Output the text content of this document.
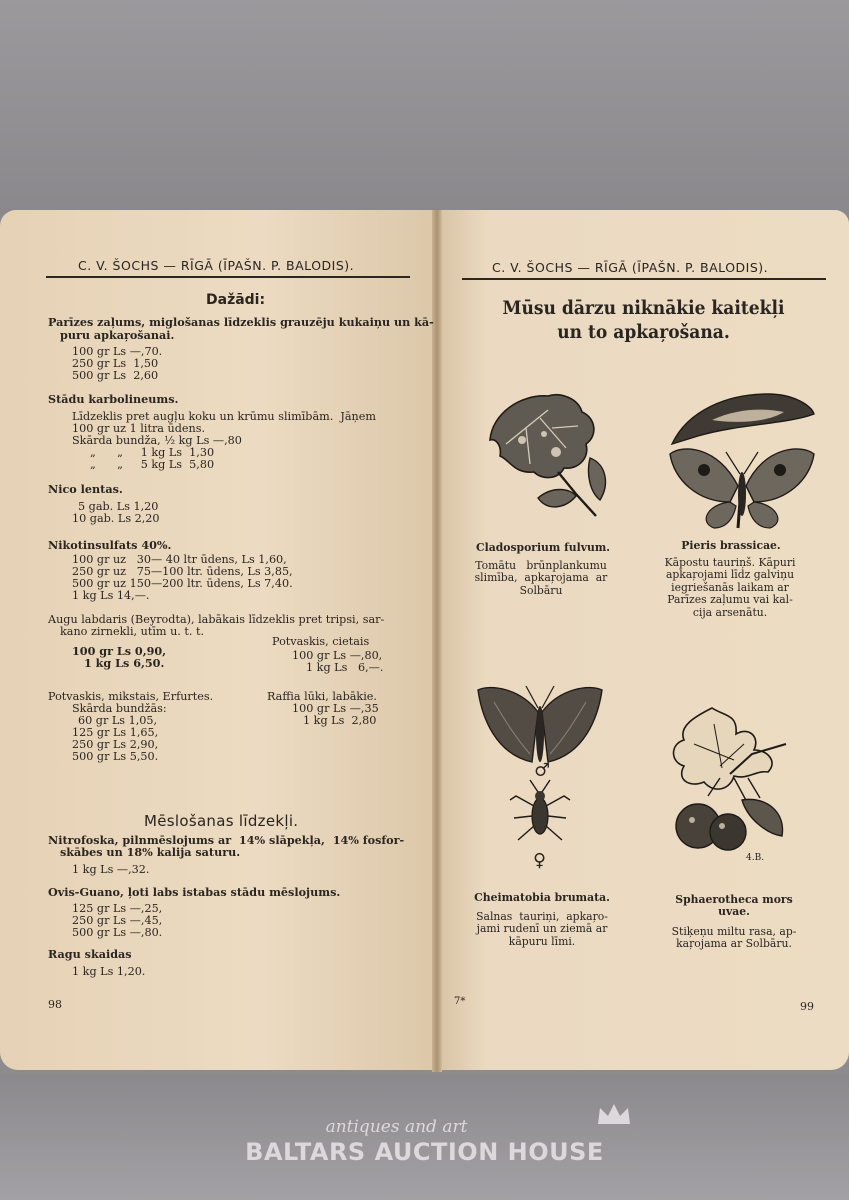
C. V. ŠOCHS — RĪGĀ (ĪPAŠN. P. BALODIS).
Dažādi:
Parīzes zaļums, miglošanas līdzeklis grauzēju kukaiņu un kā-
puru apkaŗošanai.
100 gr Ls —,70.
250 gr Ls  1,50
500 gr Ls  2,60
Stādu karbolineums.
Līdzeklis pret augļu koku un krūmu slimībām.  Jāņem
100 gr uz 1 litra ūdens.
Skārda bundža, ½ kg Ls —,80
„      „     1 kg Ls  1,30
„      „     5 kg Ls  5,80
Nico lentas.
5 gab. Ls 1,20
10 gab. Ls 2,20
Nikotinsulfats 40%.
100 gr uz   30— 40 ltr ūdens, Ls 1,60,
250 gr uz   75—100 ltr. ūdens, Ls 3,85,
500 gr uz 150—200 ltr. ūdens, Ls 7,40.
1 kg Ls 14,—.
Augu labdaris (Beyrodta), labākais līdzeklis pret tripsi, sar-
kano zirnekli, utīm u. t. t.
Potvaskis, cietais
100 gr Ls 0,90,	100 gr Ls —,80,
1 kg Ls 6,50.	1 kg Ls   6,—.
Potvaskis, mikstais, Erfurtes.	Raffia lūki, labākie.
Skārda bundžās:	100 gr Ls —,35
60 gr Ls 1,05,	1 kg Ls  2,80
125 gr Ls 1,65,
250 gr Ls 2,90,
500 gr Ls 5,50.
Nitrofoska, pilnmēslojums ar  14% slāpekļa,  14% fosfor-
skābes un 18% kalija saturu.
1 kg Ls —,32.
Ovis-Guano, ļoti labs istabas stādu mēslojums.
125 gr Ls —,25,
250 gr Ls —,45,
500 gr Ls —,80.
Ragu skaidas
1 kg Ls 1,20.
Mēslošanas līdzekļi.
98
C. V. ŠOCHS — RĪGĀ (ĪPAŠN. P. BALODIS).
Mūsu dārzu niknākie kaitekļi
un to apkaŗošana.
♂
♀	4.B.
Cladosporium fulvum.
Tomātu   brūnplankumu
slimība,  apkaŗojama  ar
Solbāru
Pieris brassicae.
Kāpostu tauriņš. Kāpuri
apkaŗojami līdz galviņu
iegriešanās laikam ar
Parīzes zaļumu vai kal-
cija arsenātu.
Cheimatobia brumata.
Salnas  tauriņi,  apkaŗo-
jami rudenī un ziemā ar
kāpuru līmi.
Sphaerotheca mors
uvae.
Stiķeņu miltu rasa, ap-
kaŗojama ar Solbāru.
7*	99
antiques and art
BALTARS AUCTION HOUSE
